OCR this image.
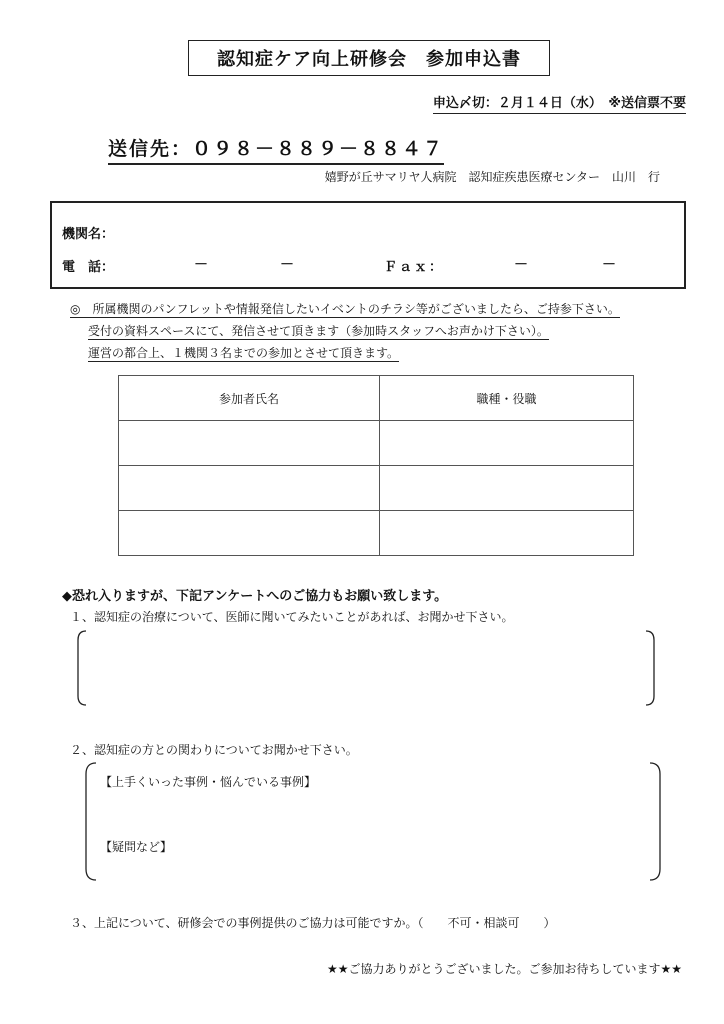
認知症ケア向上研修会　参加申込書
申込〆切：２月１４日（水）　※送信票不要
送信先：０９８－８８９－８８４７
嬉野が丘サマリヤ人病院　認知症疾患医療センター　山川　行
機関名：
電　話：	－	－	Ｆａｘ：	－	－
◎　所属機関のパンフレットや情報発信したいイベントのチラシ等がございましたら、ご持参下さい。
受付の資料スペースにて、発信させて頂きます（参加時スタッフへお声かけ下さい）。
運営の都合上、１機関３名までの参加とさせて頂きます。
参加者氏名	職種・役職

◆恐れ入りますが、下記アンケートへのご協力もお願い致します。
１、認知症の治療について、医師に聞いてみたいことがあれば、お聞かせ下さい。
２、認知症の方との関わりについてお聞かせ下さい。
【上手くいった事例・悩んでいる事例】
【疑問など】
３、上記について、研修会での事例提供のご協力は可能ですか。（　　不可・相談可　　）
★★ご協力ありがとうございました。ご参加お待ちしています★★
